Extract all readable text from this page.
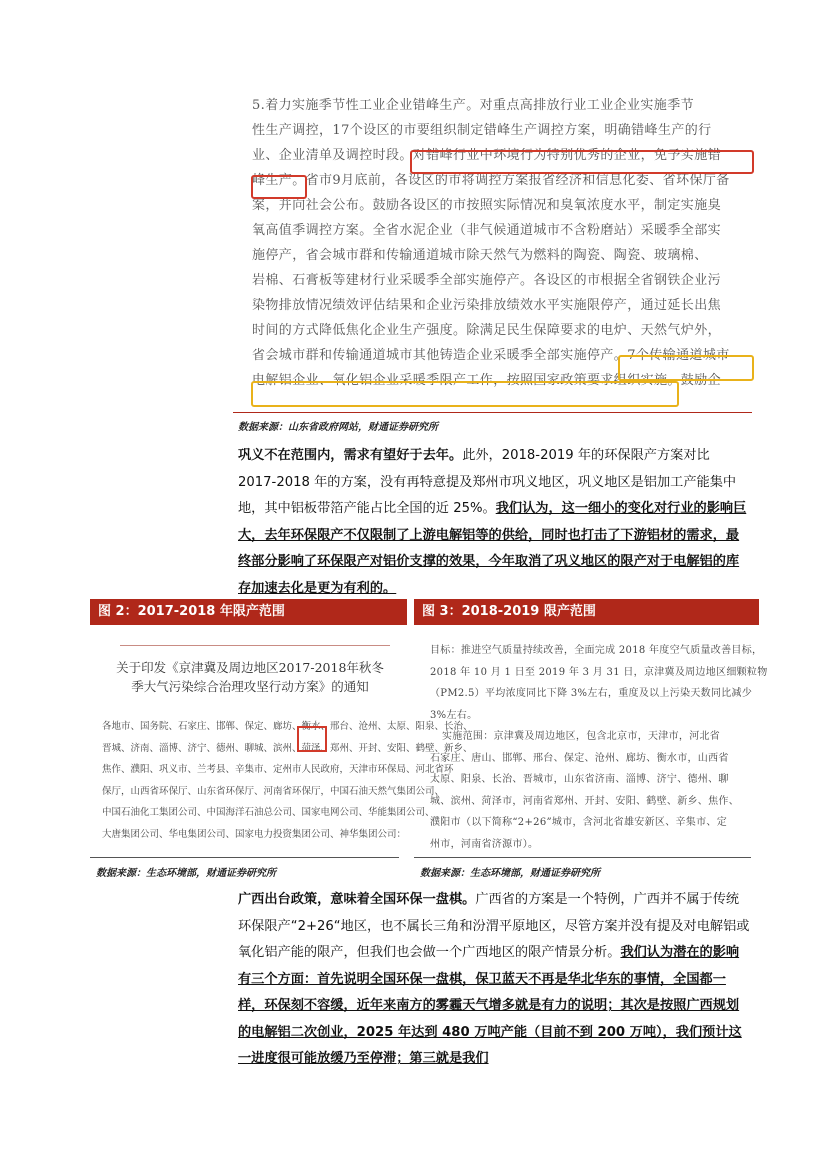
5.着力实施季节性工业企业错峰生产。对重点高排放行业工业企业实施季节
性生产调控，17个设区的市要组织制定错峰生产调控方案，明确错峰生产的行
业、企业清单及调控时段。对错峰行业中环境行为特别优秀的企业，免予实施错
峰生产。省市9月底前，各设区的市将调控方案报省经济和信息化委、省环保厅备
案，并向社会公布。鼓励各设区的市按照实际情况和臭氧浓度水平，制定实施臭
氧高值季调控方案。全省水泥企业（非气候通道城市不含粉磨站）采暖季全部实
施停产，省会城市群和传输通道城市除天然气为燃料的陶瓷、陶瓷、玻璃棉、
岩棉、石膏板等建材行业采暖季全部实施停产。各设区的市根据全省钢铁企业污
染物排放情况绩效评估结果和企业污染排放绩效水平实施限停产，通过延长出焦
时间的方式降低焦化企业生产强度。除满足民生保障要求的电炉、天然气炉外，
省会城市群和传输通道城市其他铸造企业采暖季全部实施停产。7个传输通道城市
电解铝企业、氧化铝企业采暖季限产工作，按照国家政策要求组织实施。鼓励企
数据来源：山东省政府网站，财通证券研究所
巩义不在范围内，需求有望好于去年。此外，2018-2019 年的环保限产方案对比 2017-2018 年的方案，没有再特意提及郑州市巩义地区，巩义地区是铝加工产能集中地，其中铝板带箔产能占比全国的近 25%。我们认为，这一细小的变化对行业的影响巨大，去年环保限产不仅限制了上游电解铝等的供给，同时也打击了下游铝材的需求，最终部分影响了环保限产对铝价支撑的效果，今年取消了巩义地区的限产对于电解铝的库存加速去化是更为有利的。
图 2：2017-2018 年限产范围
关于印发《京津冀及周边地区2017-2018年秋冬季大气污染综合治理攻坚行动方案》的通知
各地市、国务院、石家庄、邯郸、保定、廊坊、衡水、邢台、沧州、太原、阳泉、长治、
晋城、济南、淄博、济宁、德州、聊城、滨州、菏泽、郑州、开封、安阳、鹤壁、新乡、
焦作、濮阳、巩义市、兰考县、辛集市、定州市人民政府，天津市环保局、河北省环
保厅，山西省环保厅、山东省环保厅、河南省环保厅，中国石油天然气集团公司、
中国石油化工集团公司、中国海洋石油总公司、国家电网公司、华能集团公司、
大唐集团公司、华电集团公司、国家电力投资集团公司、神华集团公司：
数据来源：生态环境部，财通证券研究所
图 3：2018-2019 限产范围
目标：推进空气质量持续改善，全面完成 2018 年度空气质量改善目标，
2018 年 10 月 1 日至 2019 年 3 月 31 日，京津冀及周边地区细颗粒物
（PM2.5）平均浓度同比下降 3%左右，重度及以上污染天数同比减少
3%左右。
实施范围：京津冀及周边地区，包含北京市，天津市，河北省
石家庄、唐山、邯郸、邢台、保定、沧州、廊坊、衡水市，山西省
太原、阳泉、长治、晋城市，山东省济南、淄博、济宁、德州、聊
城、滨州、菏泽市，河南省郑州、开封、安阳、鹤壁、新乡、焦作、
濮阳市（以下简称“2+26”城市，含河北省雄安新区、辛集市、定
州市，河南省济源市）。
数据来源：生态环境部，财通证券研究所
广西出台政策，意味着全国环保一盘棋。广西省的方案是一个特例，广西并不属于传统环保限产“2+26“地区，也不属长三角和汾渭平原地区，尽管方案并没有提及对电解铝或氧化铝产能的限产，但我们也会做一个广西地区的限产情景分析。我们认为潜在的影响有三个方面：首先说明全国环保一盘棋，保卫蓝天不再是华北华东的事情，全国都一样，环保刻不容缓，近年来南方的雾霾天气增多就是有力的说明；其次是按照广西规划的电解铝二次创业，2025 年达到 480 万吨产能（目前不到 200 万吨），我们预计这一进度很可能放缓乃至停滞；第三就是我们
